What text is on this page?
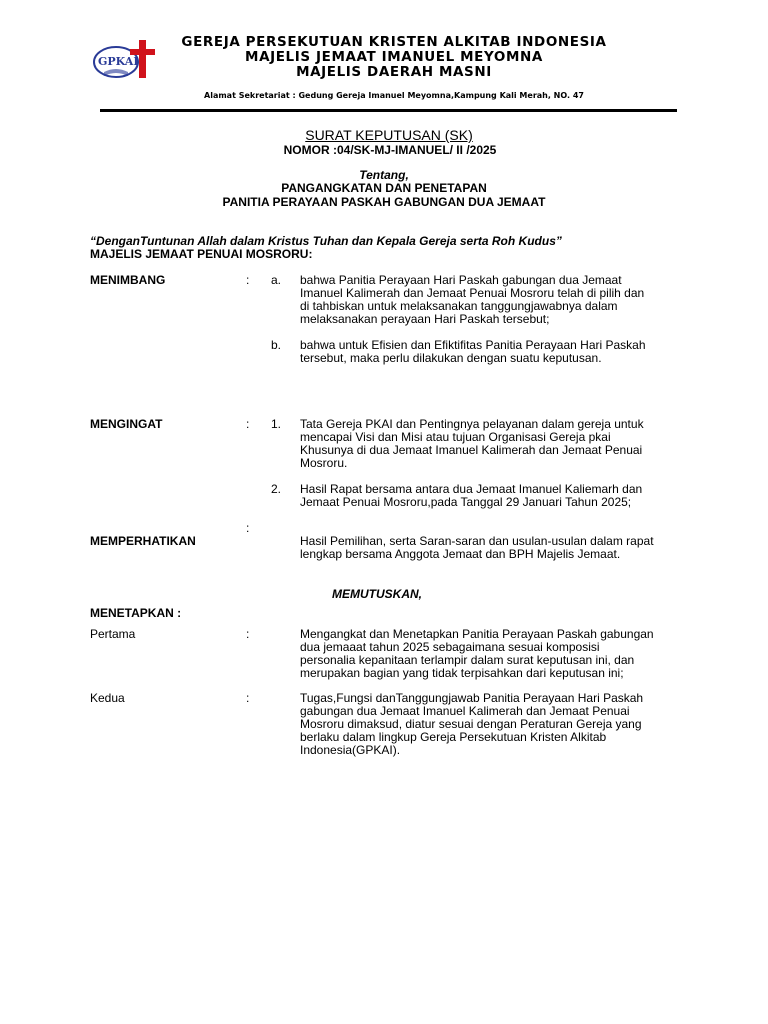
GPKAI
GEREJA PERSEKUTUAN KRISTEN ALKITAB INDONESIA
MAJELIS JEMAAT IMANUEL MEYOMNA
MAJELIS DAERAH MASNI
Alamat Sekretariat : Gedung Gereja Imanuel Meyomna,Kampung Kali Merah, NO. 47
SURAT KEPUTUSAN (SK)
NOMOR :04/SK-MJ-IMANUEL/ II /2025
Tentang,
PANGANGKATAN DAN PENETAPAN
PANITIA PERAYAAN PASKAH GABUNGAN DUA JEMAAT
“DenganTuntunan Allah dalam Kristus Tuhan dan Kepala Gereja serta Roh Kudus”
MAJELIS JEMAAT PENUAI MOSRORU:
MENIMBANG	: a. bahwa Panitia Perayaan Hari Paskah gabungan dua Jemaat
Imanuel Kalimerah dan Jemaat Penuai Mosroru telah di pilih dan
di tahbiskan untuk melaksanakan tanggungjawabnya dalam
melaksanakan perayaan Hari Paskah tersebut;
b. bahwa untuk Efisien dan Efiktifitas Panitia Perayaan Hari Paskah
tersebut, maka perlu dilakukan dengan suatu keputusan.
MENGINGAT	: 1. Tata Gereja PKAI dan Pentingnya pelayanan dalam gereja untuk
mencapai Visi dan Misi atau tujuan Organisasi Gereja pkai
Khusunya di dua Jemaat Imanuel Kalimerah dan Jemaat Penuai
Mosroru.
2. Hasil Rapat bersama antara dua Jemaat Imanuel Kaliemarh dan
Jemaat Penuai Mosroru,pada Tanggal 29 Januari Tahun 2025;
:
MEMPERHATIKAN	Hasil Pemilihan, serta Saran-saran dan usulan-usulan dalam rapat
lengkap bersama Anggota Jemaat dan BPH Majelis Jemaat.
MEMUTUSKAN,
MENETAPKAN :
Pertama	:	Mengangkat dan Menetapkan Panitia Perayaan Paskah gabungan
dua jemaaat tahun 2025 sebagaimana sesuai komposisi
personalia kepanitaan terlampir dalam surat keputusan ini, dan
merupakan bagian yang tidak terpisahkan dari keputusan ini;
Kedua	:	Tugas,Fungsi danTanggungjawab Panitia Perayaan Hari Paskah
gabungan dua Jemaat Imanuel Kalimerah dan Jemaat Penuai
Mosroru dimaksud, diatur sesuai dengan Peraturan Gereja yang
berlaku dalam lingkup Gereja Persekutuan Kristen Alkitab
Indonesia(GPKAI).
